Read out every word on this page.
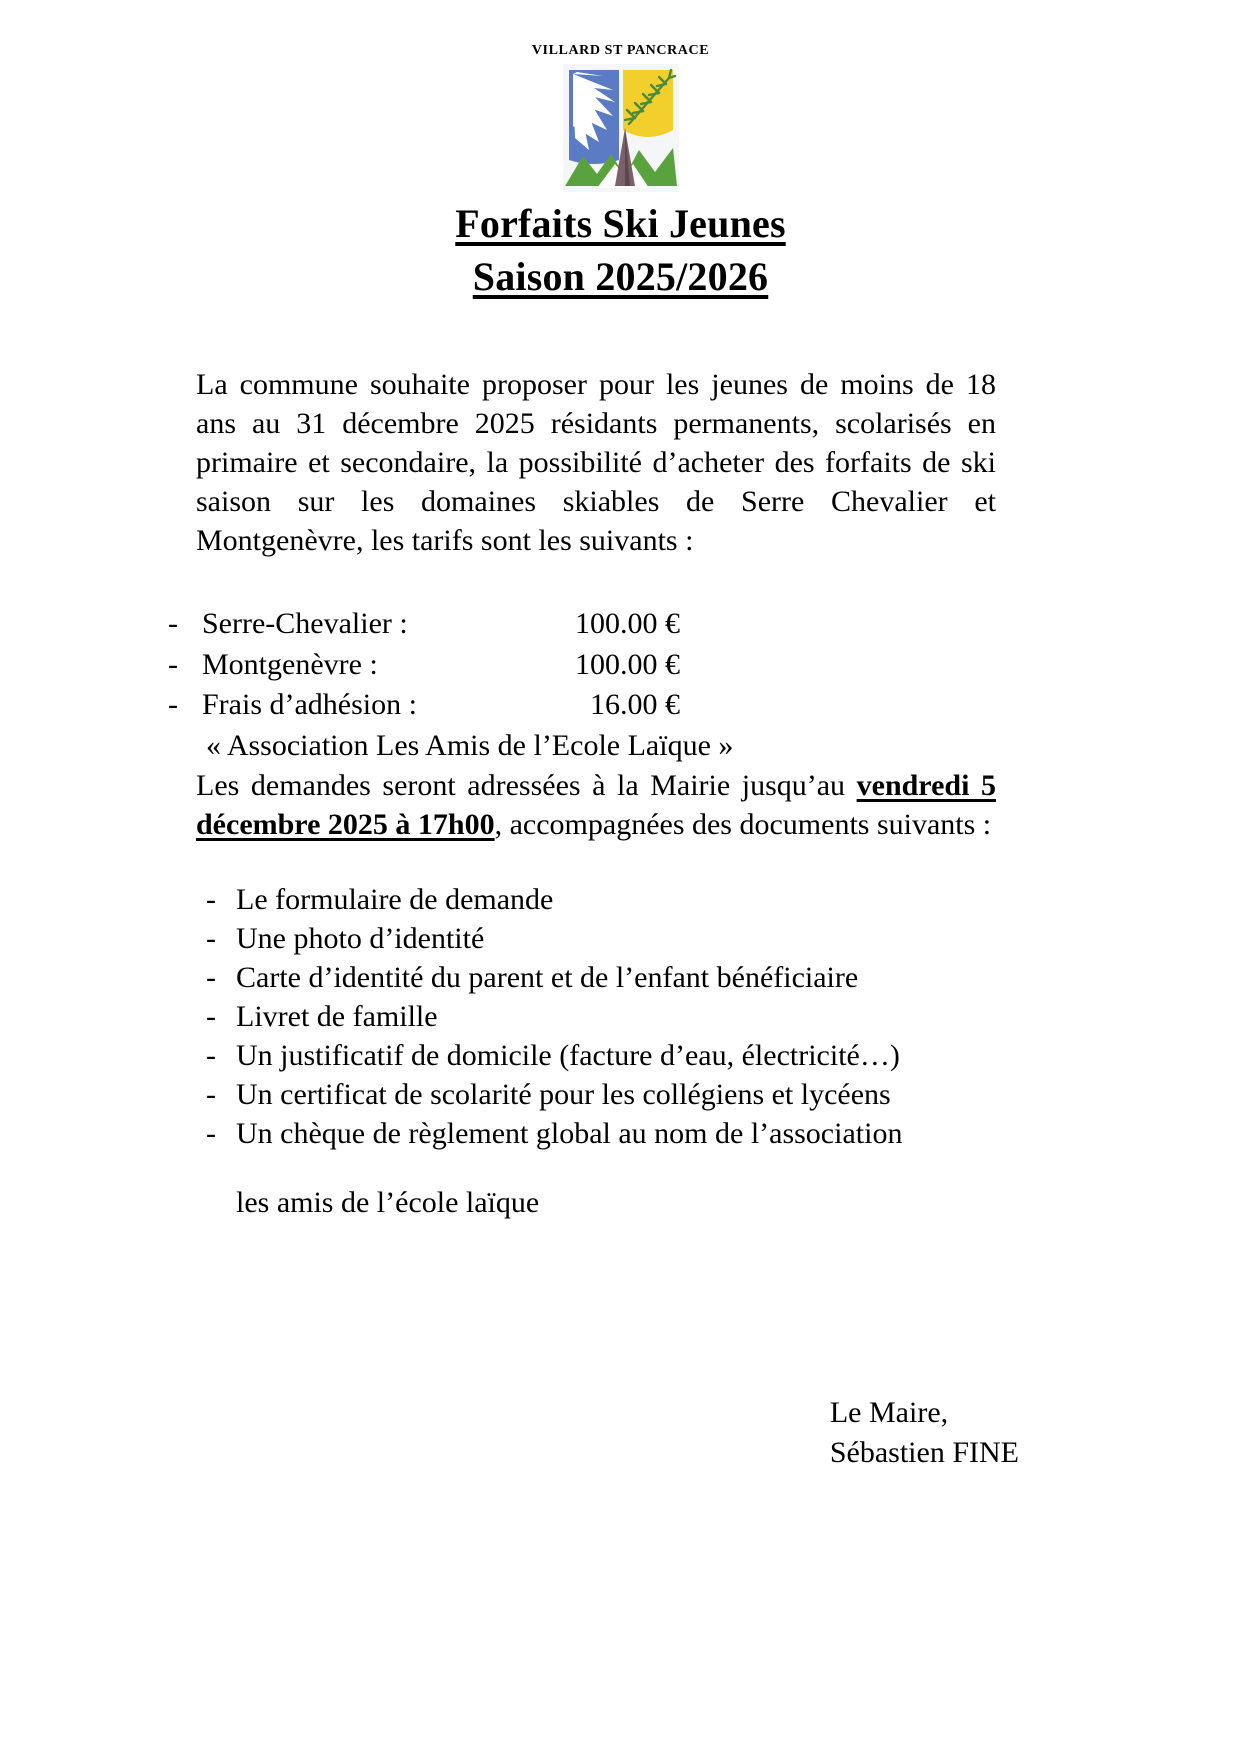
VILLARD ST PANCRACE
Forfaits Ski Jeunes
Saison 2025/2026

La commune souhaite proposer pour les jeunes de moins de 18 ans au 31 décembre 2025 résidants permanents, scolarisés en primaire et secondaire, la possibilité d’acheter des forfaits de ski saison sur les domaines skiables de Serre Chevalier et Montgenèvre, les tarifs sont les suivants :

- Serre-Chevalier :	100.00 €
- Montgenèvre :	100.00 €
- Frais d’adhésion :	16.00 €

« Association Les Amis de l’Ecole Laïque »

Les demandes seront adressées à la Mairie jusqu’au vendredi 5 décembre 2025 à 17h00, accompagnées des documents suivants :

- Le formulaire de demande
- Une photo d’identité
- Carte d’identité du parent et de l’enfant bénéficiaire
- Livret de famille
- Un justificatif de domicile (facture d’eau, électricité…)
- Un certificat de scolarité pour les collégiens et lycéens
- Un chèque de règlement global au nom de l’association

les amis de l’école laïque

Le Maire,

Sébastien FINE
